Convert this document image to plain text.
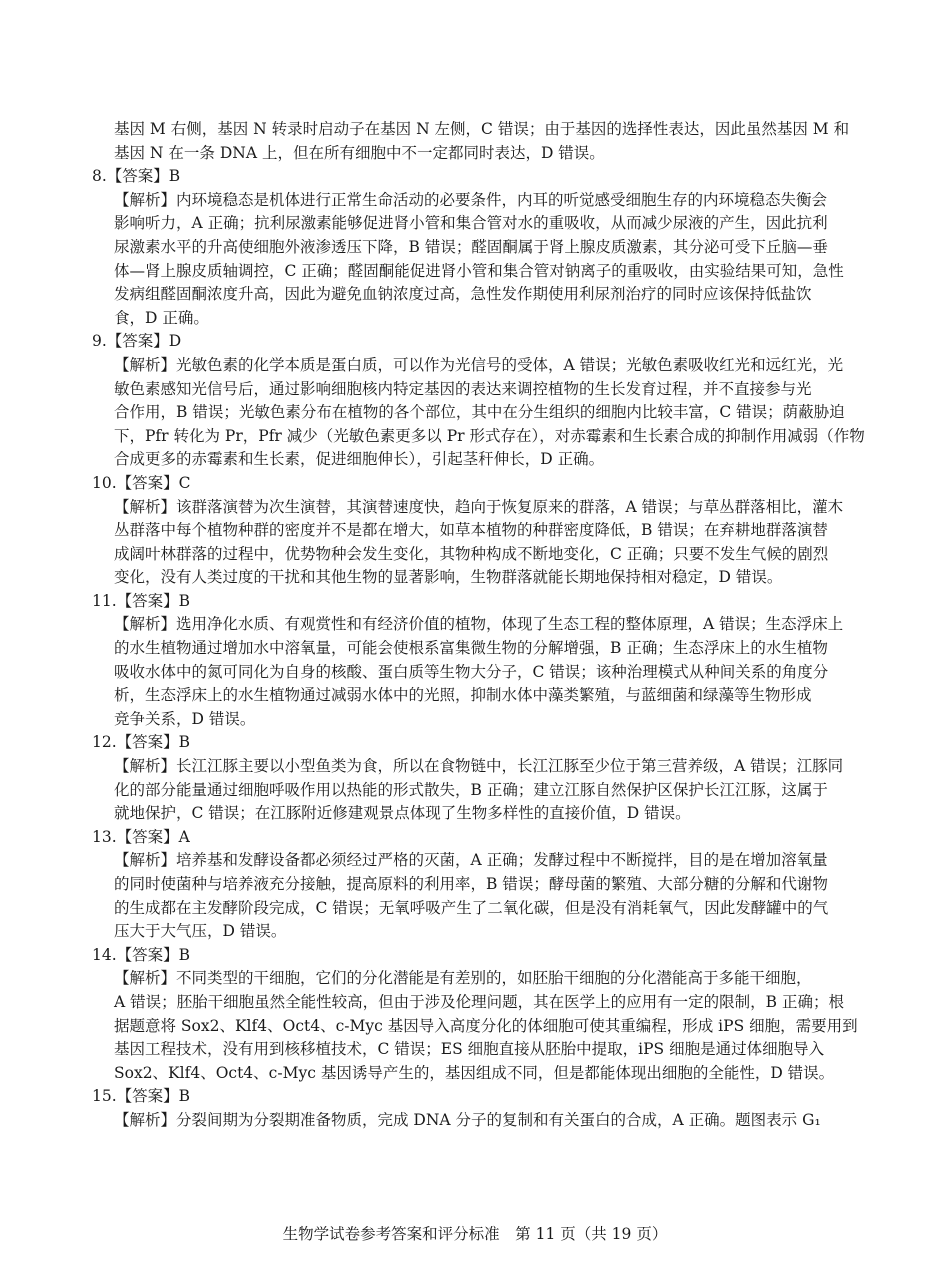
基因 M 右侧，基因 N 转录时启动子在基因 N 左侧，C 错误；由于基因的选择性表达，因此虽然基因 M 和
基因 N 在一条 DNA 上，但在所有细胞中不一定都同时表达，D 错误。
8.【答案】B
【解析】内环境稳态是机体进行正常生命活动的必要条件，内耳的听觉感受细胞生存的内环境稳态失衡会
影响听力，A 正确；抗利尿激素能够促进肾小管和集合管对水的重吸收，从而减少尿液的产生，因此抗利
尿激素水平的升高使细胞外液渗透压下降，B 错误；醛固酮属于肾上腺皮质激素，其分泌可受下丘脑—垂
体—肾上腺皮质轴调控，C 正确；醛固酮能促进肾小管和集合管对钠离子的重吸收，由实验结果可知，急性
发病组醛固酮浓度升高，因此为避免血钠浓度过高，急性发作期使用利尿剂治疗的同时应该保持低盐饮
食，D 正确。
9.【答案】D
【解析】光敏色素的化学本质是蛋白质，可以作为光信号的受体，A 错误；光敏色素吸收红光和远红光，光
敏色素感知光信号后，通过影响细胞核内特定基因的表达来调控植物的生长发育过程，并不直接参与光
合作用，B 错误；光敏色素分布在植物的各个部位，其中在分生组织的细胞内比较丰富，C 错误；荫蔽胁迫
下，Pfr 转化为 Pr，Pfr 减少（光敏色素更多以 Pr 形式存在），对赤霉素和生长素合成的抑制作用减弱（作物
合成更多的赤霉素和生长素，促进细胞伸长），引起茎秆伸长，D 正确。
10.【答案】C
【解析】该群落演替为次生演替，其演替速度快，趋向于恢复原来的群落，A 错误；与草丛群落相比，灌木
丛群落中每个植物种群的密度并不是都在增大，如草本植物的种群密度降低，B 错误；在弃耕地群落演替
成阔叶林群落的过程中，优势物种会发生变化，其物种构成不断地变化，C 正确；只要不发生气候的剧烈
变化，没有人类过度的干扰和其他生物的显著影响，生物群落就能长期地保持相对稳定，D 错误。
11.【答案】B
【解析】选用净化水质、有观赏性和有经济价值的植物，体现了生态工程的整体原理，A 错误；生态浮床上
的水生植物通过增加水中溶氧量，可能会使根系富集微生物的分解增强，B 正确；生态浮床上的水生植物
吸收水体中的氮可同化为自身的核酸、蛋白质等生物大分子，C 错误；该种治理模式从种间关系的角度分
析，生态浮床上的水生植物通过减弱水体中的光照，抑制水体中藻类繁殖，与蓝细菌和绿藻等生物形成
竞争关系，D 错误。
12.【答案】B
【解析】长江江豚主要以小型鱼类为食，所以在食物链中，长江江豚至少位于第三营养级，A 错误；江豚同
化的部分能量通过细胞呼吸作用以热能的形式散失，B 正确；建立江豚自然保护区保护长江江豚，这属于
就地保护，C 错误；在江豚附近修建观景点体现了生物多样性的直接价值，D 错误。
13.【答案】A
【解析】培养基和发酵设备都必须经过严格的灭菌，A 正确；发酵过程中不断搅拌，目的是在增加溶氧量
的同时使菌种与培养液充分接触，提高原料的利用率，B 错误；酵母菌的繁殖、大部分糖的分解和代谢物
的生成都在主发酵阶段完成，C 错误；无氧呼吸产生了二氧化碳，但是没有消耗氧气，因此发酵罐中的气
压大于大气压，D 错误。
14.【答案】B
【解析】不同类型的干细胞，它们的分化潜能是有差别的，如胚胎干细胞的分化潜能高于多能干细胞，
A 错误；胚胎干细胞虽然全能性较高，但由于涉及伦理问题，其在医学上的应用有一定的限制，B 正确；根
据题意将 Sox2、Klf4、Oct4、c-Myc 基因导入高度分化的体细胞可使其重编程，形成 iPS 细胞，需要用到
基因工程技术，没有用到核移植技术，C 错误；ES 细胞直接从胚胎中提取，iPS 细胞是通过体细胞导入
Sox2、Klf4、Oct4、c-Myc 基因诱导产生的，基因组成不同，但是都能体现出细胞的全能性，D 错误。
15.【答案】B
【解析】分裂间期为分裂期准备物质，完成 DNA 分子的复制和有关蛋白的合成，A 正确。题图表示 G₁
生物学试卷参考答案和评分标准　第 11 页（共 19 页）
